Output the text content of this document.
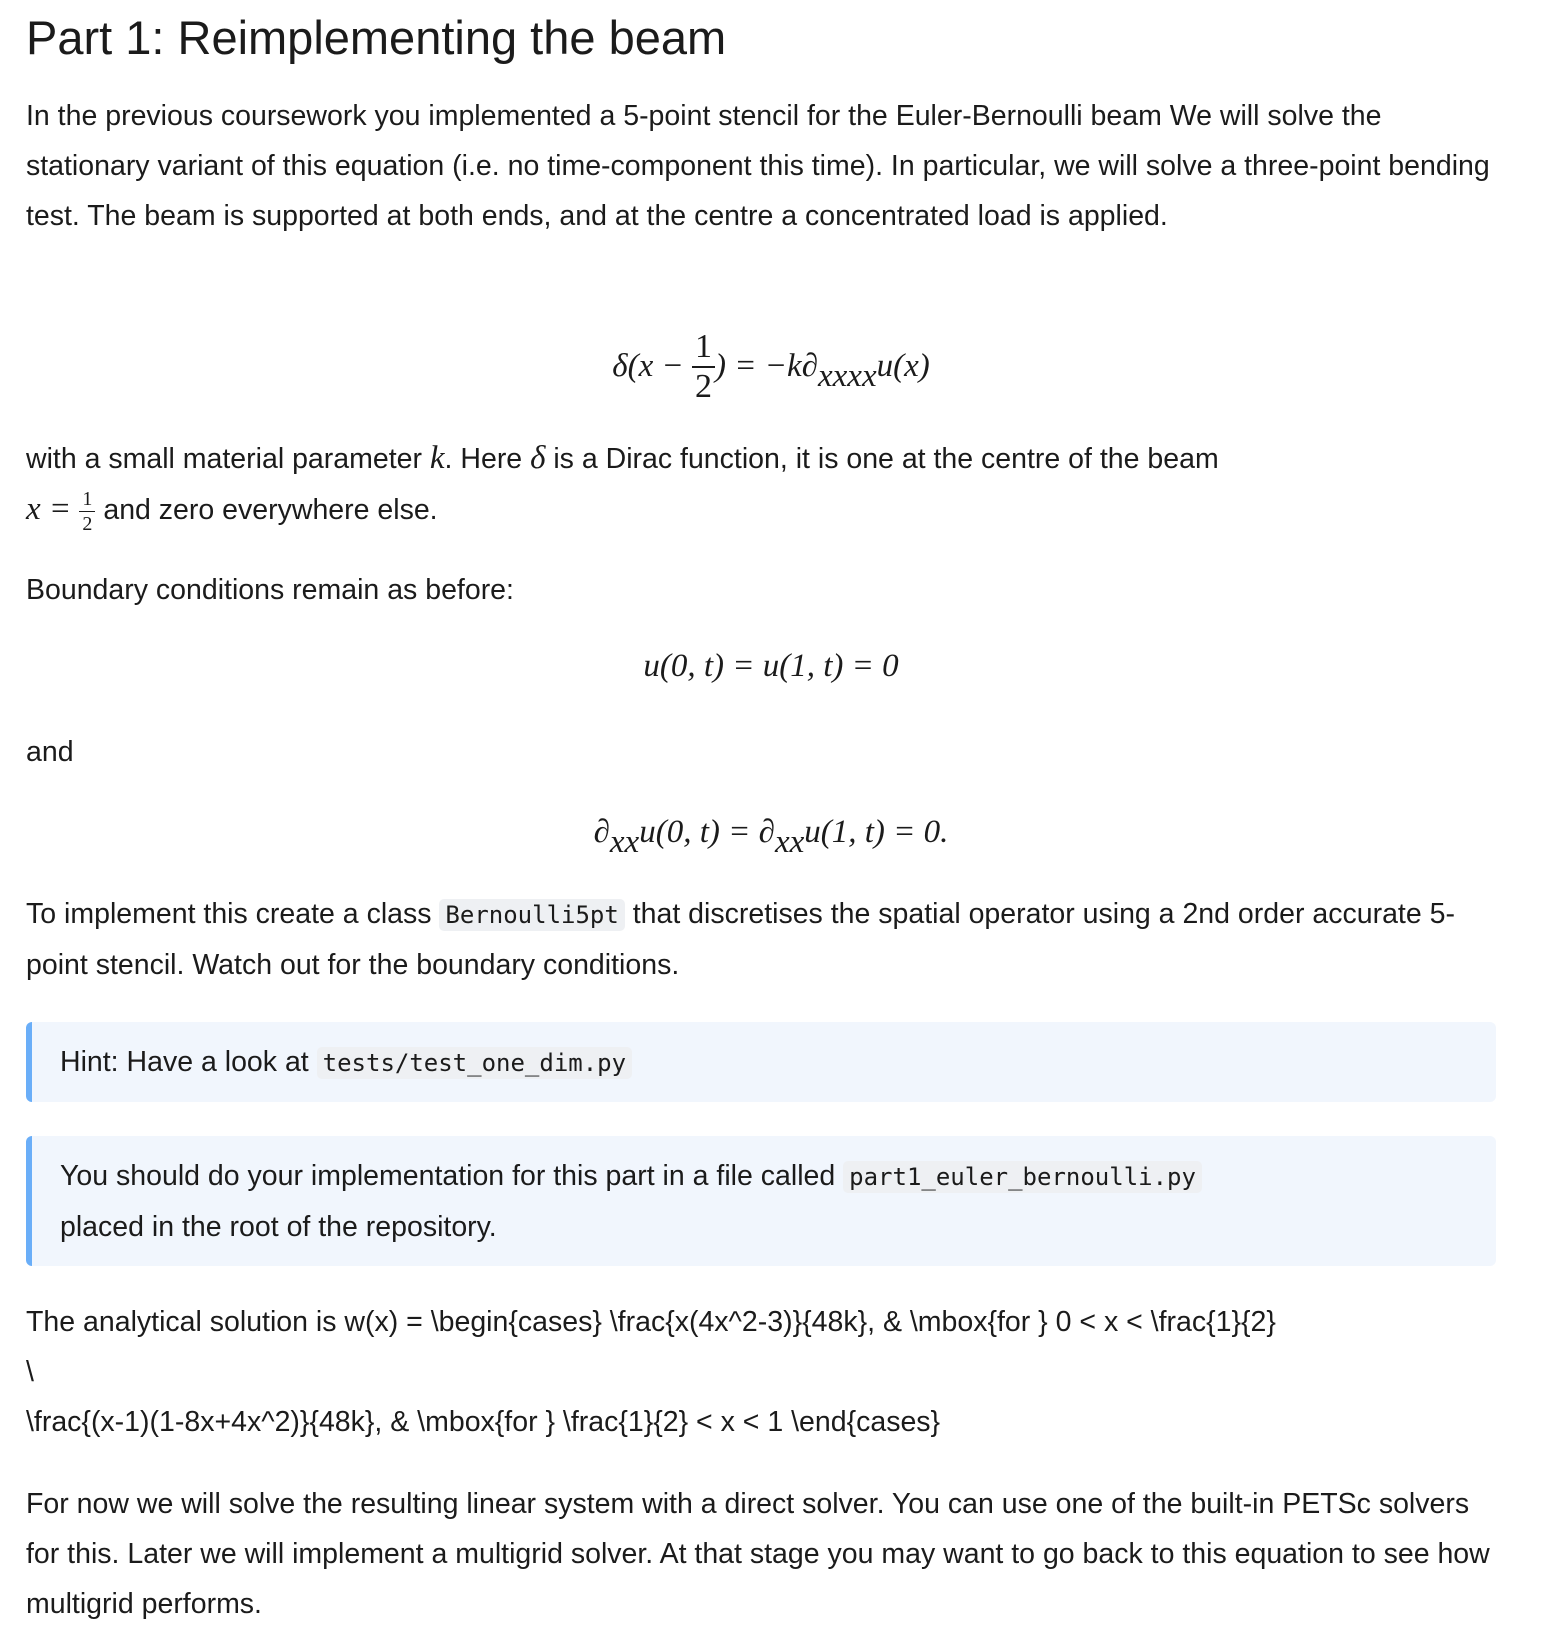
Part 1: Reimplementing the beam
In the previous coursework you implemented a 5-point stencil for the Euler-Bernoulli beam We will solve the stationary variant of this equation (i.e. no time-component this time). In particular, we will solve a three-point bending test. The beam is supported at both ends, and at the centre a concentrated load is applied.
$\delta(x - \frac{1}{2}$ ) = $-k\partial_{xxxx}u(x)$
with a small material parameter k. Here δ is a Dirac function, it is one at the centre of the beam
$x = \frac{1}{2}$ and zero everywhere else.
Boundary conditions remain as before:
u(0, t) = u(1, t) = 0
and
$\partial_{xx}u(0$, $t) = \partial_{xx}u(1$, t) = 0.
To implement this create a class Bernoulli5pt that discretises the spatial operator using a 2nd order accurate 5-point stencil. Watch out for the boundary conditions.
Hint: Have a look at tests/test_one_dim.py
You should do your implementation for this part in a file called part1_euler_bernoulli.py
placed in the root of the repository.
The analytical solution is w(x) = \begin{cases} \frac{x(4x^2-3)}{48k}, & \mbox{for } 0 < x < \frac{1}{2}
\
\frac{(x-1)(1-8x+4x^2)}{48k}, & \mbox{for } \frac{1}{2} < x < 1 \end{cases}
For now we will solve the resulting linear system with a direct solver. You can use one of the built-in PETSc solvers for this. Later we will implement a multigrid solver. At that stage you may want to go back to this equation to see how multigrid performs.
